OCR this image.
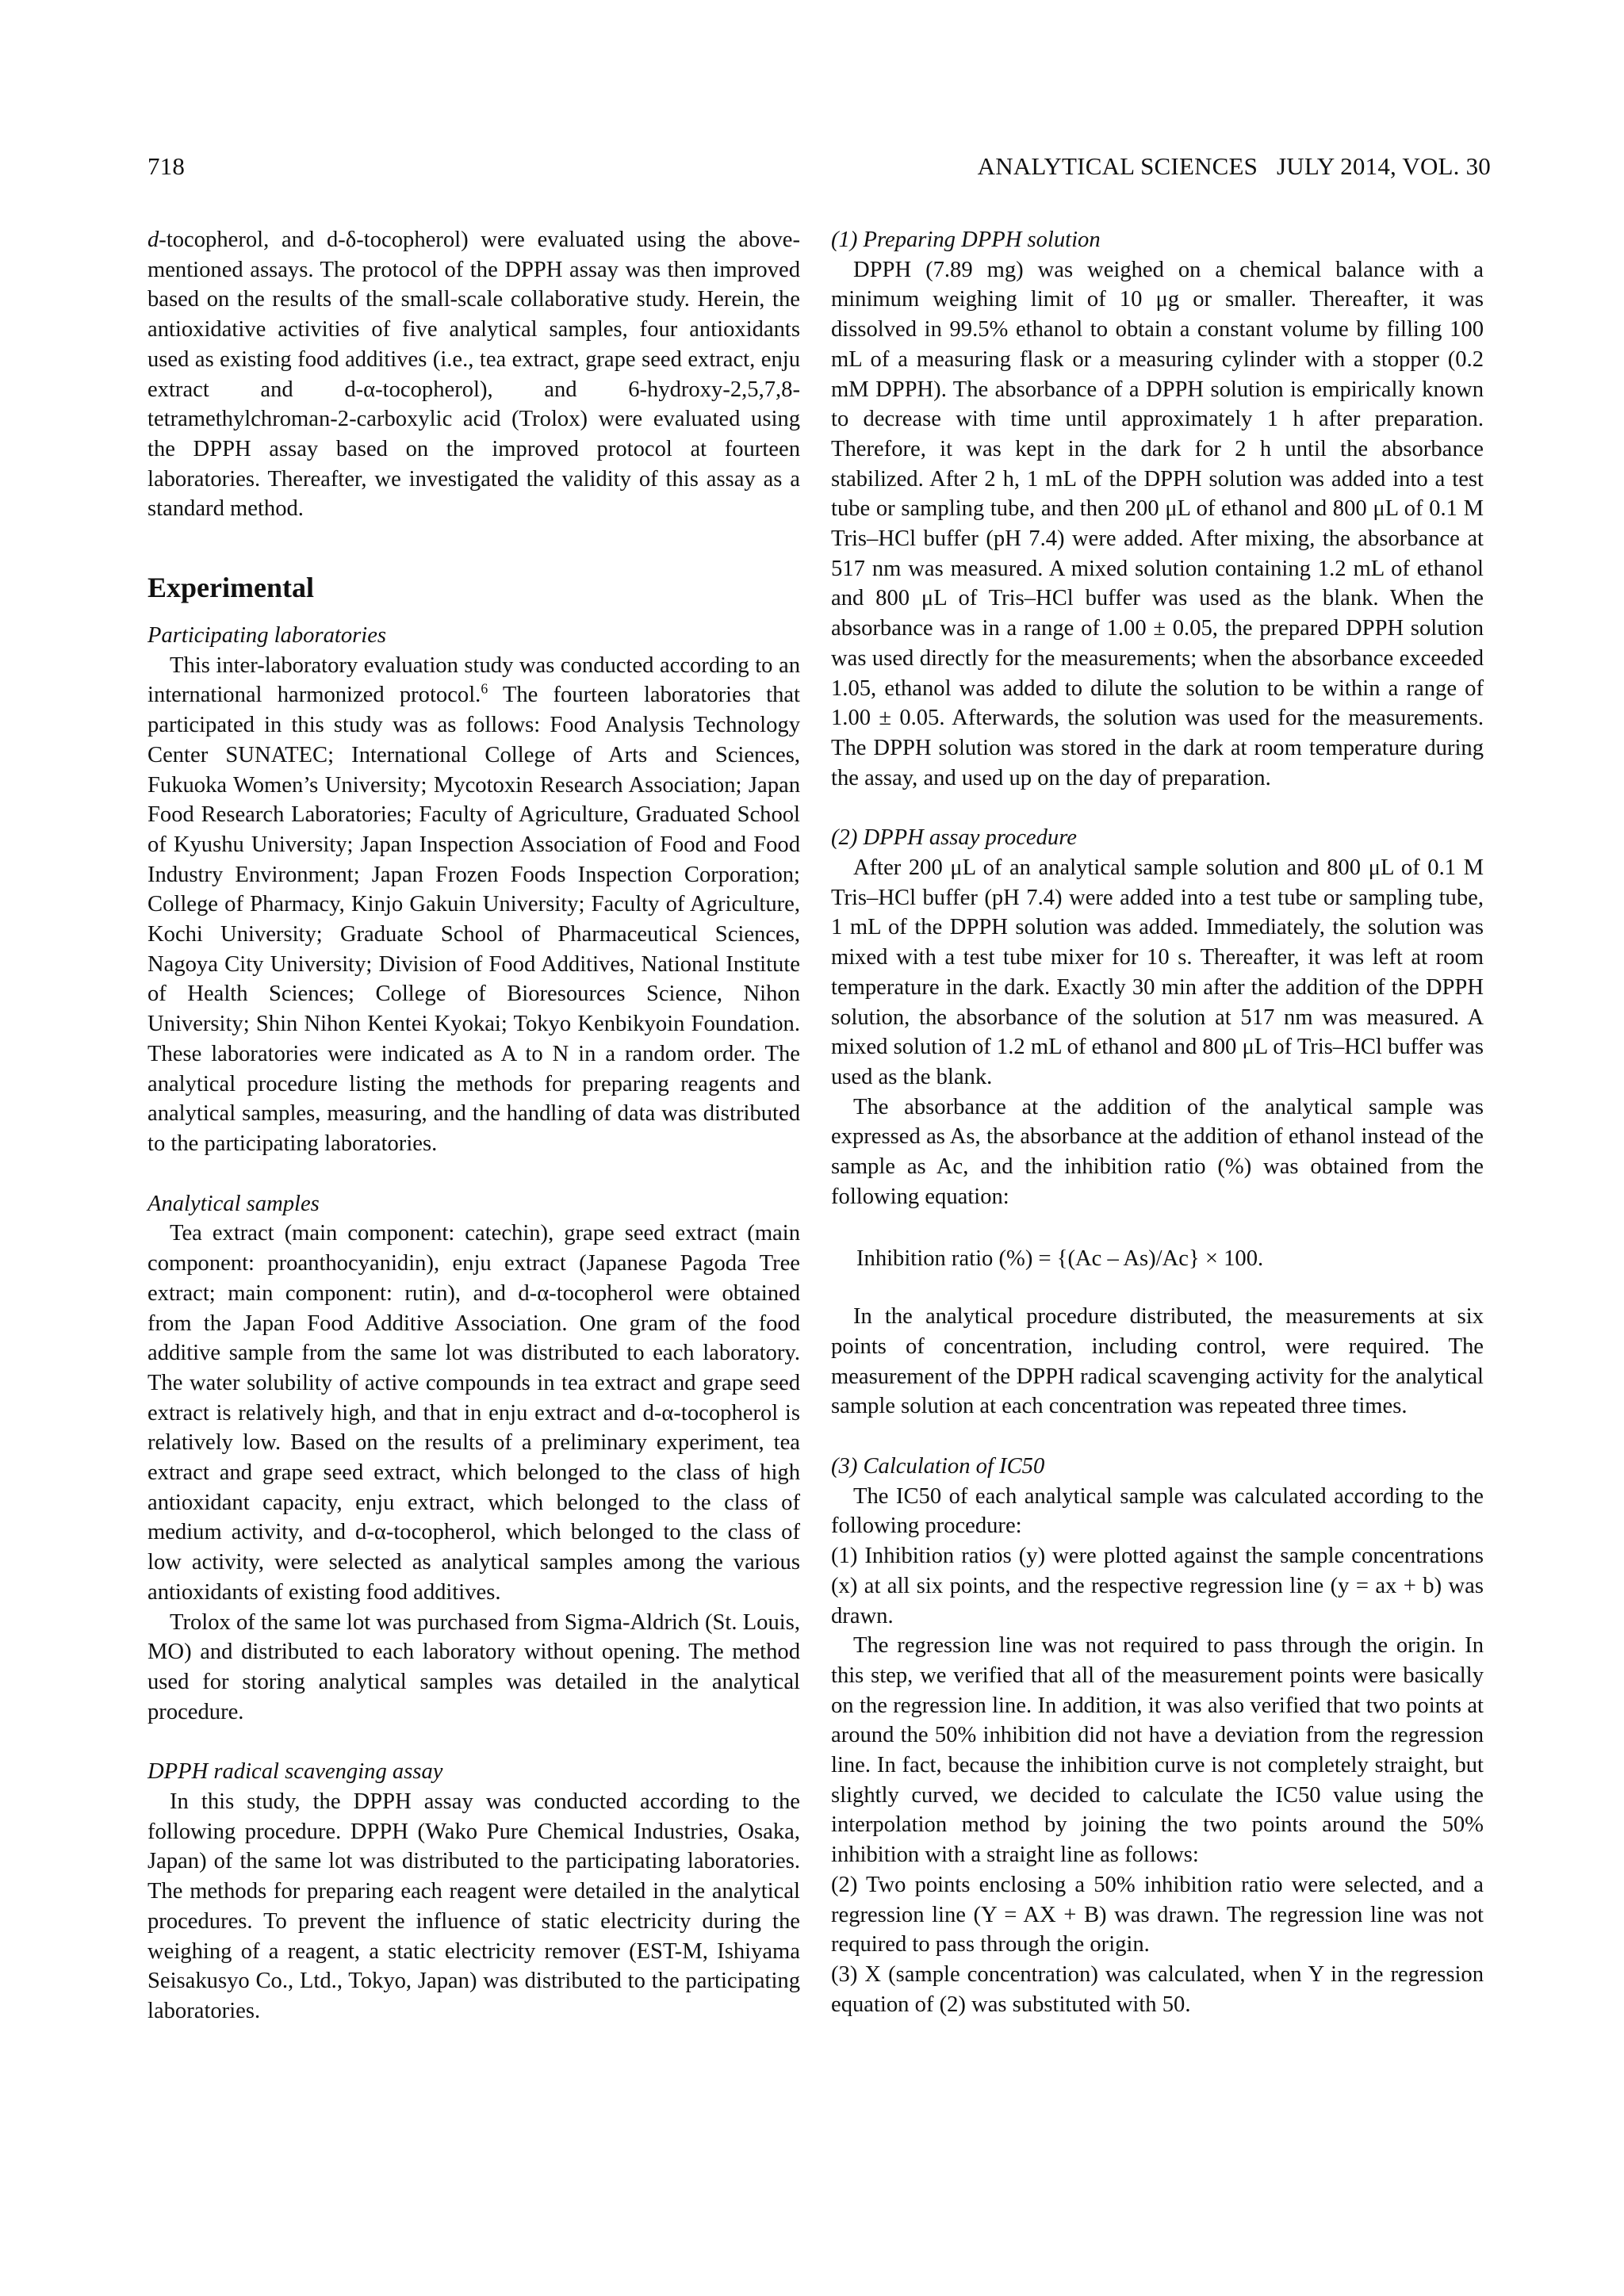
718	ANALYTICAL SCIENCES   JULY 2014, VOL. 30

d-tocopherol, and d-δ-tocopherol) were evaluated using the above-mentioned assays. The protocol of the DPPH assay was then improved based on the results of the small-scale collaborative study. Herein, the antioxidative activities of five analytical samples, four antioxidants used as existing food additives (i.e., tea extract, grape seed extract, enju extract and d-α-tocopherol), and 6-hydroxy-2,5,7,8-tetramethylchroman-2-carboxylic acid (Trolox) were evaluated using the DPPH assay based on the improved protocol at fourteen laboratories. Thereafter, we investigated the validity of this assay as a standard method.

Experimental
Participating laboratories

This inter-laboratory evaluation study was conducted according to an international harmonized protocol.$^6$ The fourteen laboratories that participated in this study was as follows: Food Analysis Technology Center SUNATEC; International College of Arts and Sciences, Fukuoka Women’s University; Mycotoxin Research Association; Japan Food Research Laboratories; Faculty of Agriculture, Graduated School of Kyushu University; Japan Inspection Association of Food and Food Industry Environment; Japan Frozen Foods Inspection Corporation; College of Pharmacy, Kinjo Gakuin University; Faculty of Agriculture, Kochi University; Graduate School of Pharmaceutical Sciences, Nagoya City University; Division of Food Additives, National Institute of Health Sciences; College of Bioresources Science, Nihon University; Shin Nihon Kentei Kyokai; Tokyo Kenbikyoin Foundation. These laboratories were indicated as A to N in a random order. The analytical procedure listing the methods for preparing reagents and analytical samples, measuring, and the handling of data was distributed to the participating laboratories.

Analytical samples

Tea extract (main component: catechin), grape seed extract (main component: proanthocyanidin), enju extract (Japanese Pagoda Tree extract; main component: rutin), and d-α-tocopherol were obtained from the Japan Food Additive Association. One gram of the food additive sample from the same lot was distributed to each laboratory. The water solubility of active compounds in tea extract and grape seed extract is relatively high, and that in enju extract and d-α-tocopherol is relatively low. Based on the results of a preliminary experiment, tea extract and grape seed extract, which belonged to the class of high antioxidant capacity, enju extract, which belonged to the class of medium activity, and d-α-tocopherol, which belonged to the class of low activity, were selected as analytical samples among the various antioxidants of existing food additives.

Trolox of the same lot was purchased from Sigma-Aldrich (St. Louis, MO) and distributed to each laboratory without opening. The method used for storing analytical samples was detailed in the analytical procedure.

DPPH radical scavenging assay

In this study, the DPPH assay was conducted according to the following procedure. DPPH (Wako Pure Chemical Industries, Osaka, Japan) of the same lot was distributed to the participating laboratories. The methods for preparing each reagent were detailed in the analytical procedures. To prevent the influence of static electricity during the weighing of a reagent, a static electricity remover (EST-M, Ishiyama Seisakusyo Co., Ltd., Tokyo, Japan) was distributed to the participating laboratories.

(1) Preparing DPPH solution

DPPH (7.89 mg) was weighed on a chemical balance with a minimum weighing limit of 10 μg or smaller. Thereafter, it was dissolved in 99.5% ethanol to obtain a constant volume by filling 100 mL of a measuring flask or a measuring cylinder with a stopper (0.2 mM DPPH). The absorbance of a DPPH solution is empirically known to decrease with time until approximately 1 h after preparation. Therefore, it was kept in the dark for 2 h until the absorbance stabilized. After 2 h, 1 mL of the DPPH solution was added into a test tube or sampling tube, and then 200 μL of ethanol and 800 μL of 0.1 M Tris–HCl buffer (pH 7.4) were added. After mixing, the absorbance at 517 nm was measured. A mixed solution containing 1.2 mL of ethanol and 800 μL of Tris–HCl buffer was used as the blank. When the absorbance was in a range of 1.00 ± 0.05, the prepared DPPH solution was used directly for the measurements; when the absorbance exceeded 1.05, ethanol was added to dilute the solution to be within a range of 1.00 ± 0.05. Afterwards, the solution was used for the measurements. The DPPH solution was stored in the dark at room temperature during the assay, and used up on the day of preparation.

(2) DPPH assay procedure

After 200 μL of an analytical sample solution and 800 μL of 0.1 M Tris–HCl buffer (pH 7.4) were added into a test tube or sampling tube, 1 mL of the DPPH solution was added. Immediately, the solution was mixed with a test tube mixer for 10 s. Thereafter, it was left at room temperature in the dark. Exactly 30 min after the addition of the DPPH solution, the absorbance of the solution at 517 nm was measured. A mixed solution of 1.2 mL of ethanol and 800 μL of Tris–HCl buffer was used as the blank.

The absorbance at the addition of the analytical sample was expressed as As, the absorbance at the addition of ethanol instead of the sample as Ac, and the inhibition ratio (%) was obtained from the following equation:

Inhibition ratio (%) = {(Ac – As)/Ac} × 100.

In the analytical procedure distributed, the measurements at six points of concentration, including control, were required. The measurement of the DPPH radical scavenging activity for the analytical sample solution at each concentration was repeated three times.

(3) Calculation of IC50

The IC50 of each analytical sample was calculated according to the following procedure:

(1) Inhibition ratios (y) were plotted against the sample concentrations (x) at all six points, and the respective regression line (y = ax + b) was drawn.

The regression line was not required to pass through the origin. In this step, we verified that all of the measurement points were basically on the regression line. In addition, it was also verified that two points at around the 50% inhibition did not have a deviation from the regression line. In fact, because the inhibition curve is not completely straight, but slightly curved, we decided to calculate the IC50 value using the interpolation method by joining the two points around the 50% inhibition with a straight line as follows:

(2) Two points enclosing a 50% inhibition ratio were selected, and a regression line (Y = AX + B) was drawn. The regression line was not required to pass through the origin.

(3) X (sample concentration) was calculated, when Y in the regression equation of (2) was substituted with 50.
